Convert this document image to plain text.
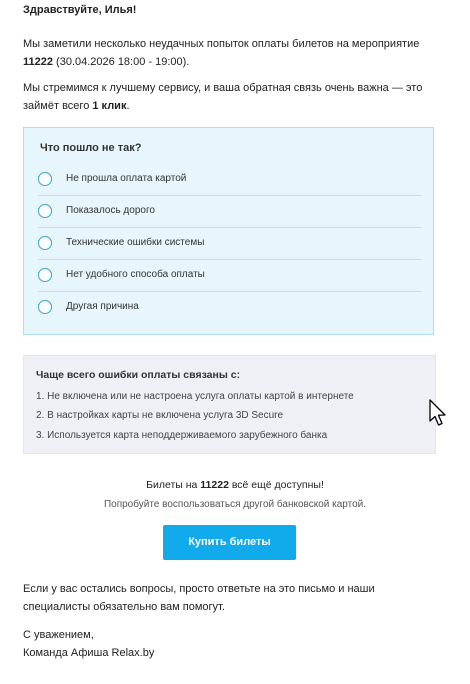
Здравствуйте, Илья!
Мы заметили несколько неудачных попыток оплаты билетов на мероприятие 11222 (30.04.2026 18:00 - 19:00).
Мы стремимся к лучшему сервису, и ваша обратная связь очень важна — это займёт всего 1 клик.
Что пошло не так?
Не прошла оплата картой
Показалось дорого
Технические ошибки системы
Нет удобного способа оплаты
Другая причина
Чаще всего ошибки оплаты связаны с:
1. Не включена или не настроена услуга оплаты картой в интернете
2. В настройках карты не включена услуга 3D Secure
3. Используется карта неподдерживаемого зарубежного банка
Билеты на 11222 всё ещё доступны!
Попробуйте воспользоваться другой банковской картой.
Купить билеты
Если у вас остались вопросы, просто ответьте на это письмо и наши специалисты обязательно вам помогут.
С уважением,
Команда Афиша Relax.by
